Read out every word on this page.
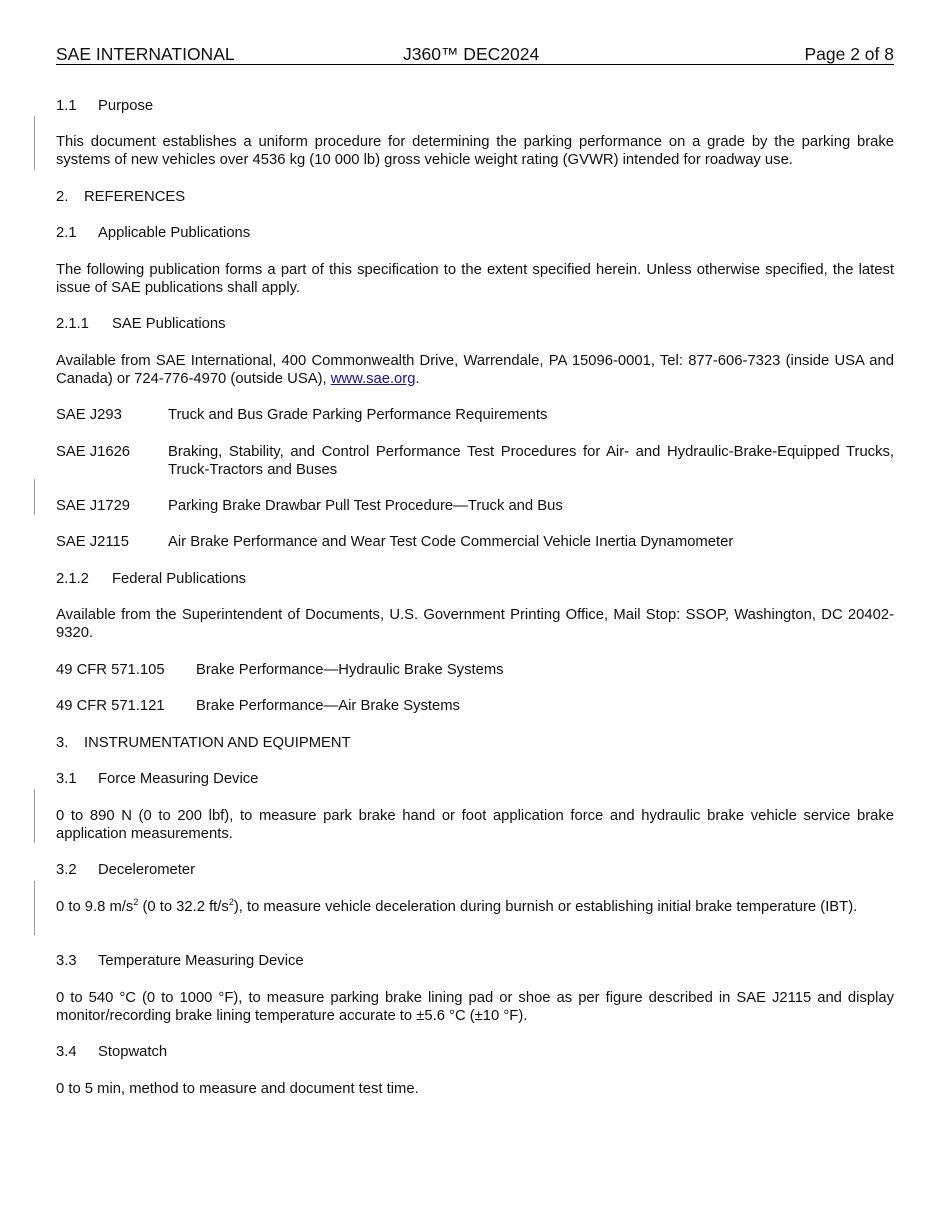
SAE INTERNATIONAL	J360™ DEC2024	Page 2 of 8
1.1 Purpose
This document establishes a uniform procedure for determining the parking performance on a grade by the parking brake systems of new vehicles over 4536 kg (10 000 lb) gross vehicle weight rating (GVWR) intended for roadway use.
2. REFERENCES
2.1 Applicable Publications
The following publication forms a part of this specification to the extent specified herein. Unless otherwise specified, the latest issue of SAE publications shall apply.
2.1.1 SAE Publications
Available from SAE International, 400 Commonwealth Drive, Warrendale, PA 15096-0001, Tel: 877-606-7323 (inside USA and Canada) or 724-776-4970 (outside USA), www.sae.org.
SAE J293	Truck and Bus Grade Parking Performance Requirements
SAE J1626	Braking, Stability, and Control Performance Test Procedures for Air- and Hydraulic-Brake-Equipped Trucks, Truck-Tractors and Buses
SAE J1729	Parking Brake Drawbar Pull Test Procedure—Truck and Bus
SAE J2115	Air Brake Performance and Wear Test Code Commercial Vehicle Inertia Dynamometer
2.1.2 Federal Publications
Available from the Superintendent of Documents, U.S. Government Printing Office, Mail Stop: SSOP, Washington, DC 20402-9320.
49 CFR 571.105 Brake Performance—Hydraulic Brake Systems
49 CFR 571.121 Brake Performance—Air Brake Systems
3. INSTRUMENTATION AND EQUIPMENT
3.1 Force Measuring Device
0 to 890 N (0 to 200 lbf), to measure park brake hand or foot application force and hydraulic brake vehicle service brake application measurements.
3.2 Decelerometer
0 to 9.8 $m/s^2$ (0 to 32.2 $ft/s^2$), to measure vehicle deceleration during burnish or establishing initial brake temperature (IBT).
3.3 Temperature Measuring Device
0 to 540 °C (0 to 1000 °F), to measure parking brake lining pad or shoe as per figure described in SAE J2115 and display monitor/recording brake lining temperature accurate to ±5.6 °C (±10 °F).
3.4 Stopwatch
0 to 5 min, method to measure and document test time.
